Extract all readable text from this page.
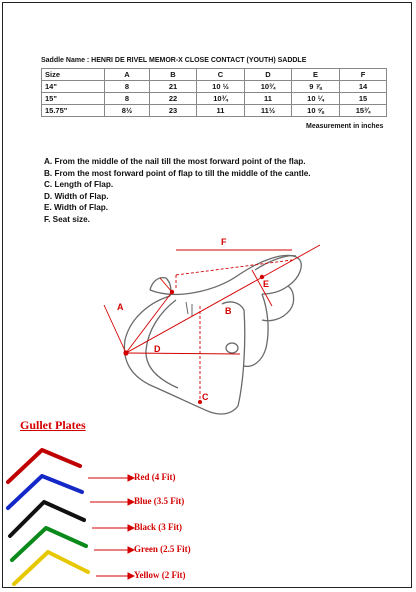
Saddle Name : HENRI DE RIVEL MEMOR-X CLOSE CONTACT (YOUTH) SADDLE
Size	A	B	C	D	E	F
14"	8	21	10 ½	10¾	9 ⅞	14
15"	8	22	10¾	11	10 ¼	15
15.75"	8½	23	11	11½	10 ⅝	15¾
Measurement in inches
A. From the middle of the nail till the most forward point of the flap.
B. From the most forward point of flap to till the middle of the cantle.
C. Length of Flap.
D. Width of Flap.
E. Width of Flap.
F. Seat size.
A	B
C
D
E
F
Gullet Plates
Red (4 Fit)
Blue (3.5 Fit)
Black (3 Fit)
Green (2.5 Fit)
Yellow (2 Fit)
